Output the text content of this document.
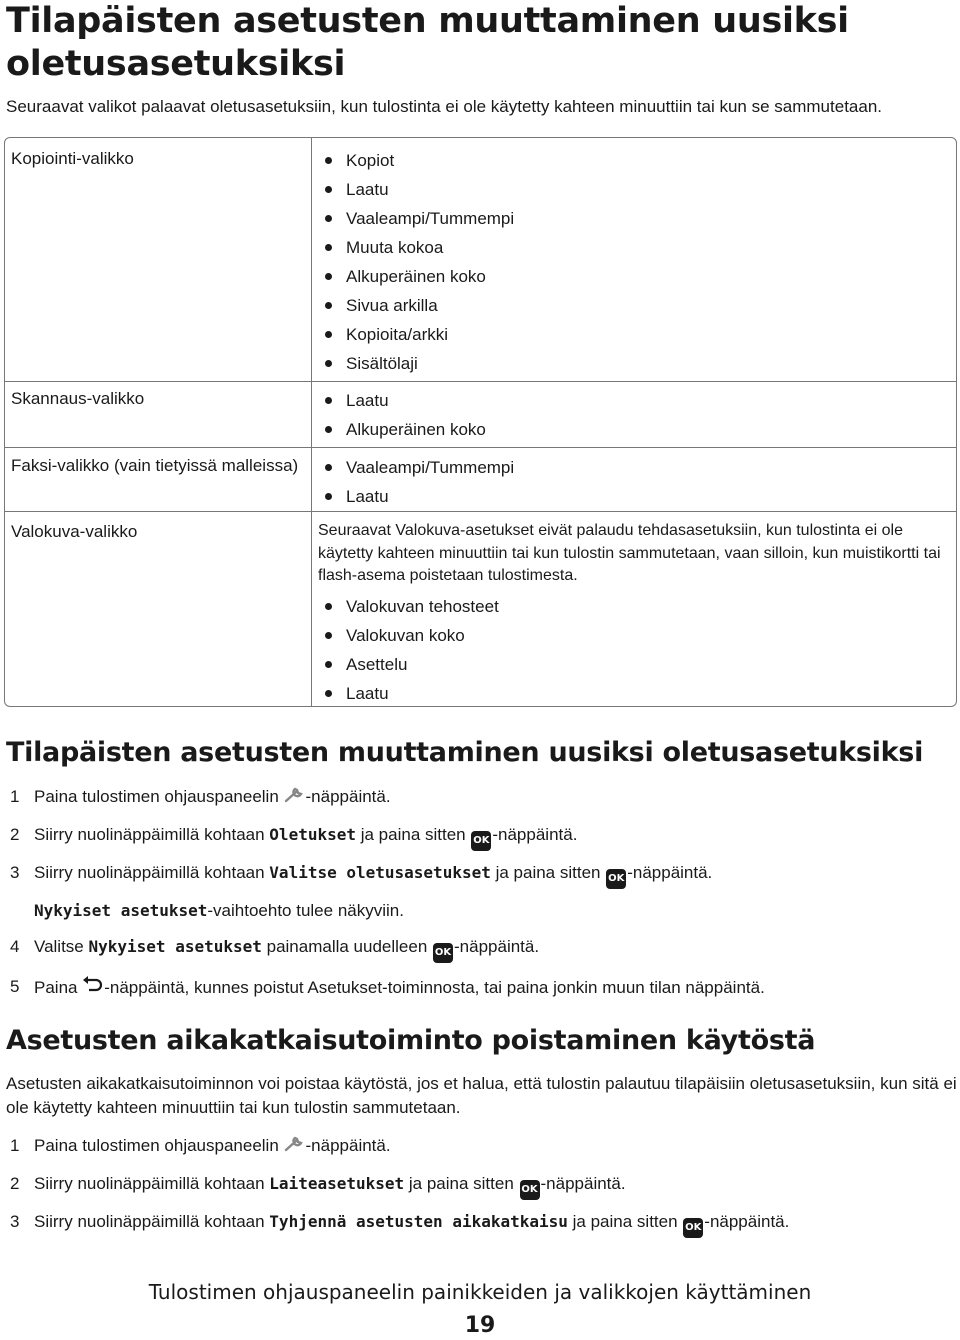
Tilapäisten asetusten muuttaminen uusiksi oletusasetuksiksi
Seuraavat valikot palaavat oletusasetuksiin, kun tulostinta ei ole käytetty kahteen minuuttiin tai kun se sammutetaan.
Kopiointi-valikko	Kopiot
Laatu
Vaaleampi/Tummempi
Muuta kokoa
Alkuperäinen koko
Sivua arkilla
Kopioita/arkki
Sisältölaji
Skannaus-valikko	Laatu
Alkuperäinen koko
Faksi-valikko (vain tietyissä malleissa)	Vaaleampi/Tummempi
Laatu
Valokuva-valikko	Seuraavat Valokuva-asetukset eivät palaudu tehdasasetuksiin, kun tulostinta ei ole käytetty kahteen minuuttiin tai kun tulostin sammutetaan, vaan silloin, kun muistikortti tai flash-asema poistetaan tulostimesta.
Valokuvan tehosteet
Valokuvan koko
Asettelu
Laatu
Tilapäisten asetusten muuttaminen uusiksi oletusasetuksiksi
1 Paina tulostimen ohjauspaneelin -näppäintä.
2 Siirry nuolinäppäimillä kohtaan Oletukset ja paina sitten OK -näppäintä.
3 Siirry nuolinäppäimillä kohtaan Valitse oletusasetukset ja paina sitten OK -näppäintä.
Nykyiset asetukset-vaihtoehto tulee näkyviin.
4 Valitse Nykyiset asetukset painamalla uudelleen OK -näppäintä.
5 Paina -näppäintä, kunnes poistut Asetukset-toiminnosta, tai paina jonkin muun tilan näppäintä.
Asetusten aikakatkaisutoiminto poistaminen käytöstä
Asetusten aikakatkaisutoiminnon voi poistaa käytöstä, jos et halua, että tulostin palautuu tilapäisiin oletusasetuksiin, kun sitä ei ole käytetty kahteen minuuttiin tai kun tulostin sammutetaan.
1 Paina tulostimen ohjauspaneelin -näppäintä.
2 Siirry nuolinäppäimillä kohtaan Laiteasetukset ja paina sitten OK -näppäintä.
3 Siirry nuolinäppäimillä kohtaan Tyhjennä asetusten aikakatkaisu ja paina sitten OK -näppäintä.
Tulostimen ohjauspaneelin painikkeiden ja valikkojen käyttäminen
19
